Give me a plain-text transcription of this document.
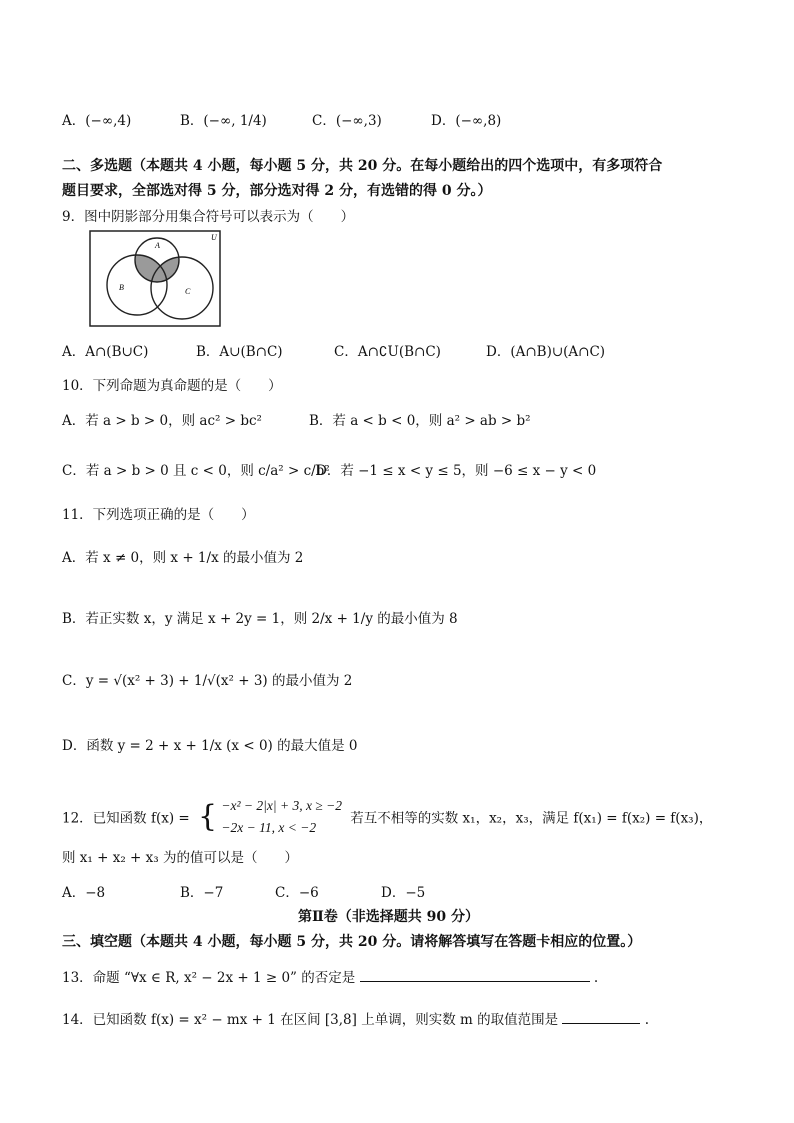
A．(−∞,4)	B．(−∞, 1/4)	C．(−∞,3)	D．(−∞,8)
二、多选题（本题共 4 小题，每小题 5 分，共 20 分。在每小题给出的四个选项中，有多项符合
题目要求，全部选对得 5 分，部分选对得 2 分，有选错的得 0 分。）
9．图中阴影部分用集合符号可以表示为（　　）
U
A
B	C
A．A∩(B∪C)	B．A∪(B∩C)	C．A∩∁U(B∩C)	D．(A∩B)∪(A∩C)
10．下列命题为真命题的是（　　）
A．若 a > b > 0，则 ac² > bc²	B．若 a < b < 0，则 a² > ab > b²
C．若 a > b > 0 且 c < 0，则 c/a² > c/b²
D．若 −1 ≤ x < y ≤ 5，则 −6 ≤ x − y < 0
11．下列选项正确的是（　　）
A．若 x ≠ 0，则 x + 1/x 的最小值为 2
B．若正实数 x，y 满足 x + 2y = 1，则 2/x + 1/y 的最小值为 8
C．y = √(x² + 3) + 1/√(x² + 3) 的最小值为 2
D．函数 y = 2 + x + 1/x (x < 0) 的最大值是 0
12．已知函数 f(x) = { −x² − 2|x| + 3, x ≥ −2
−2x − 11, x < −2
若互不相等的实数 x₁，x₂，x₃，满足 f(x₁) = f(x₂) = f(x₃)，
则 x₁ + x₂ + x₃ 为的值可以是（　　）
A．−8	B．−7	C．−6	D．−5
第Ⅱ卷（非选择题共 90 分）
三、填空题（本题共 4 小题，每小题 5 分，共 20 分。请将解答填写在答题卡相应的位置。）
13．命题 “∀x ∈ R, x² − 2x + 1 ≥ 0” 的否定是	.
14．已知函数 f(x) = x² − mx + 1 在区间 [3,8] 上单调，则实数 m 的取值范围是	.
